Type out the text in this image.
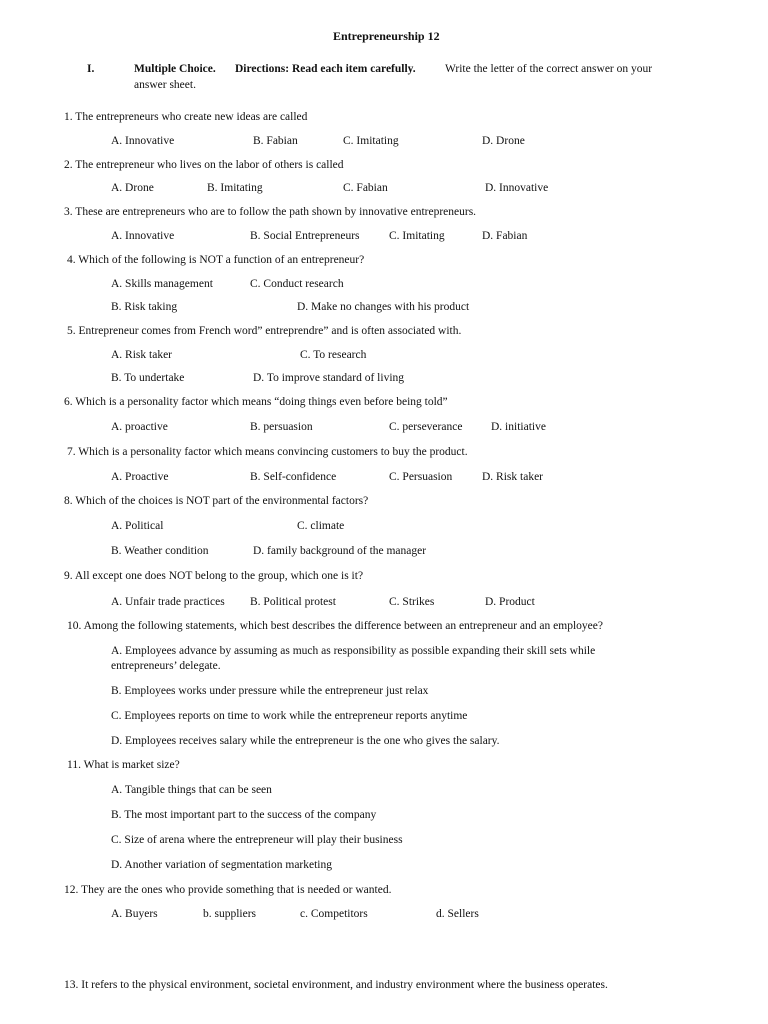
Entrepreneurship 12
I.	Multiple Choice. Directions: Read each item carefully.	Write the letter of the correct answer on your
answer sheet.
1. The entrepreneurs who create new ideas are called
A. Innovative	B. Fabian	C. Imitating	D. Drone
2. The entrepreneur who lives on the labor of others is called
A. Drone	B. Imitating	C. Fabian	D. Innovative
3. These are entrepreneurs who are to follow the path shown by innovative entrepreneurs.
A. Innovative	B. Social Entrepreneurs	C. Imitating	D. Fabian
4. Which of the following is NOT a function of an entrepreneur?
A. Skills management	C. Conduct research
B. Risk taking	D. Make no changes with his product
5. Entrepreneur comes from French word” entreprendre” and is often associated with.
A. Risk taker	C. To research
B. To undertake	D. To improve standard of living
6. Which is a personality factor which means “doing things even before being told”
A. proactive	B. persuasion	C. perseverance D. initiative
7. Which is a personality factor which means convincing customers to buy the product.
A. Proactive	B. Self-confidence	C. Persuasion	D. Risk taker
8. Which of the choices is NOT part of the environmental factors?
A. Political	C. climate
B. Weather condition	D. family background of the manager
9. All except one does NOT belong to the group, which one is it?
A. Unfair trade practices B. Political protest	C. Strikes	D. Product
10. Among the following statements, which best describes the difference between an entrepreneur and an employee?
A. Employees advance by assuming as much as responsibility as possible expanding their skill sets while
entrepreneurs’ delegate.
B. Employees works under pressure while the entrepreneur just relax
C. Employees reports on time to work while the entrepreneur reports anytime
D. Employees receives salary while the entrepreneur is the one who gives the salary.
11. What is market size?
A. Tangible things that can be seen
B. The most important part to the success of the company
C. Size of arena where the entrepreneur will play their business
D. Another variation of segmentation marketing
12. They are the ones who provide something that is needed or wanted.
A. Buyers	b. suppliers	c. Competitors	d. Sellers
13. It refers to the physical environment, societal environment, and industry environment where the business operates.
